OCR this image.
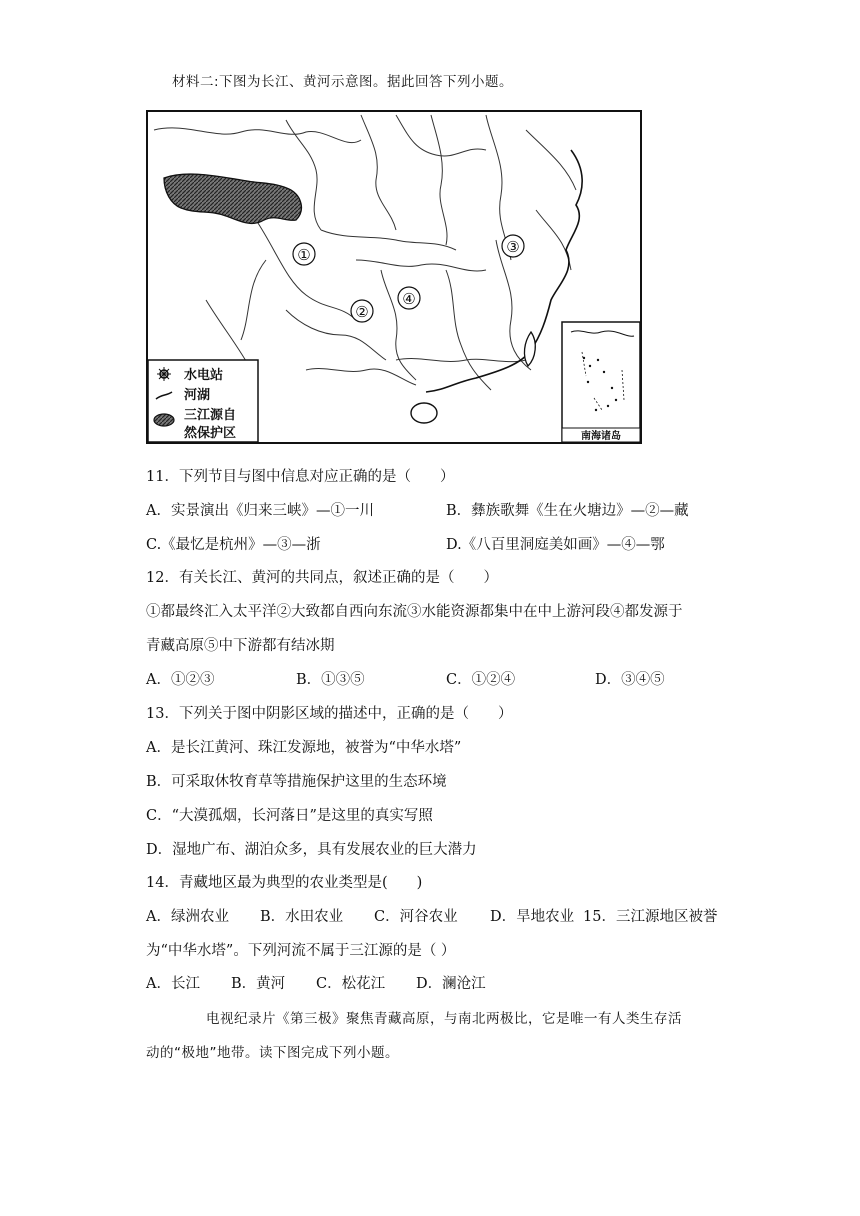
材料二:下图为长江、黄河示意图。据此回答下列小题。
①
②
③
④
水电站
河湖
三江源自
然保护区	南海诸岛
11．下列节目与图中信息对应正确的是（　　）
A．实景演出《归来三峡》—①一川	B．彝族歌舞《生在火塘边》—②—藏
C.《最忆是杭州》—③—浙	D.《八百里洞庭美如画》—④—鄂
12．有关长江、黄河的共同点，叙述正确的是（　　）
①都最终汇入太平洋②大致都自西向东流③水能资源都集中在中上游河段④都发源于
青藏高原⑤中下游都有结冰期
A．①②③	B．①③⑤	C．①②④	D．③④⑤
13．下列关于图中阴影区域的描述中，正确的是（　　）
A．是长江黄河、珠江发源地，被誉为“中华水塔”
B．可采取休牧育草等措施保护这里的生态环境
C．“大漠孤烟，长河落日”是这里的真实写照
D．湿地广布、湖泊众多，具有发展农业的巨大潜力
14．青藏地区最为典型的农业类型是(　　)
A．绿洲农业 B．水田农业 C．河谷农业 D．旱地农业 15．三江源地区被誉
为“中华水塔”。下列河流不属于三江源的是（ ）
A．长江 B．黄河 C．松花江 D．澜沧江
电视纪录片《第三极》聚焦青藏高原，与南北两极比，它是唯一有人类生存活
动的“极地”地带。读下图完成下列小题。
